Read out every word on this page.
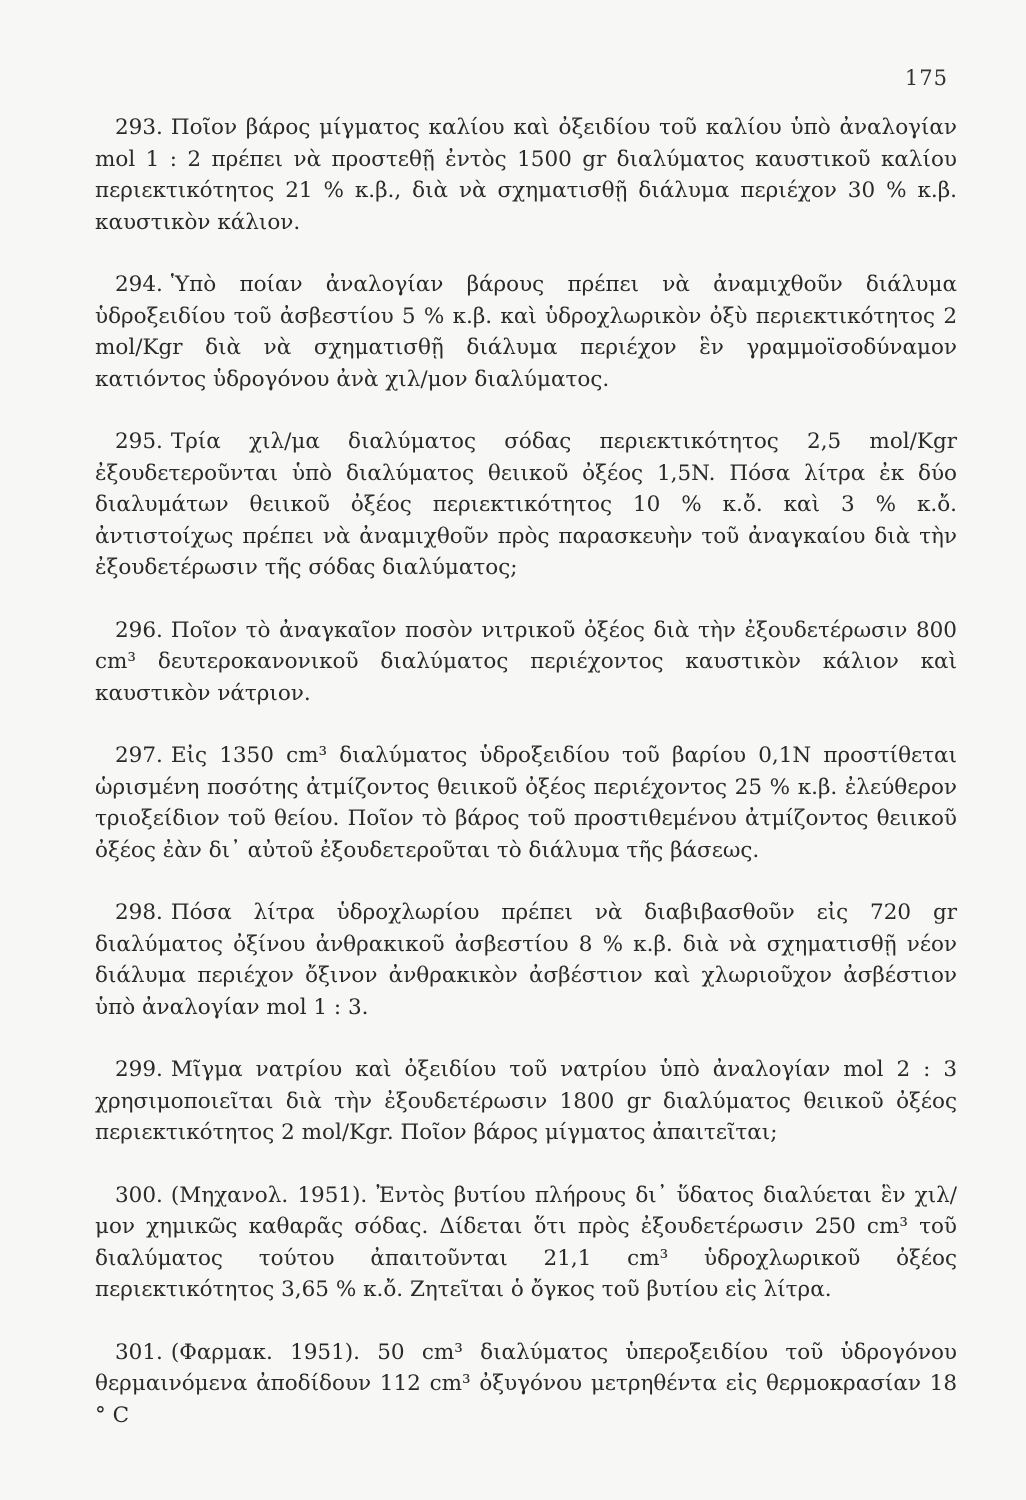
175

293. Ποῖον βάρος μίγματος καλίου καὶ ὀξειδίου τοῦ καλίου ὑπὸ ἀναλογίαν mol 1 : 2 πρέπει νὰ προστεθῇ ἐντὸς 1500 gr διαλύματος καυστικοῦ καλίου περιεκτικότητος 21 % κ.β., διὰ νὰ σχηματισθῇ διάλυμα περιέχον 30 % κ.β. καυστικὸν κάλιον.

294. Ὑπὸ ποίαν ἀναλογίαν βάρους πρέπει νὰ ἀναμιχθοῦν διάλυμα ὑδροξειδίου τοῦ ἀσβεστίου 5 % κ.β. καὶ ὑδροχλωρικὸν ὀξὺ περιεκτικότητος 2 mol/Kgr διὰ νὰ σχηματισθῇ διάλυμα περιέχον ἓν γραμμοϊσοδύναμον κατιόντος ὑδρογόνου ἀνὰ χιλ/μον διαλύματος.

295. Τρία χιλ/μα διαλύματος σόδας περιεκτικότητος 2,5 mol/Kgr ἐξουδετεροῦνται ὑπὸ διαλύματος θειικοῦ ὀξέος 1,5N. Πόσα λίτρα ἐκ δύο διαλυμάτων θειικοῦ ὀξέος περιεκτικότητος 10 % κ.ὄ. καὶ 3 % κ.ὄ. ἀντιστοίχως πρέπει νὰ ἀναμιχθοῦν πρὸς παρασκευὴν τοῦ ἀναγκαίου διὰ τὴν ἐξουδετέρωσιν τῆς σόδας διαλύματος;

296. Ποῖον τὸ ἀναγκαῖον ποσὸν νιτρικοῦ ὀξέος διὰ τὴν ἐξουδετέρωσιν 800 cm³ δευτεροκανονικοῦ διαλύματος περιέχοντος καυστικὸν κάλιον καὶ καυστικὸν νάτριον.

297. Εἰς 1350 cm³ διαλύματος ὑδροξειδίου τοῦ βαρίου 0,1N προστίθεται ὡρισμένη ποσότης ἀτμίζοντος θειικοῦ ὀξέος περιέχοντος 25 % κ.β. ἐλεύθερον τριοξείδιον τοῦ θείου. Ποῖον τὸ βάρος τοῦ προστιθεμένου ἀτμίζοντος θειικοῦ ὀξέος ἐὰν δι᾽ αὐτοῦ ἐξουδετεροῦται τὸ διάλυμα τῆς βάσεως.

298. Πόσα λίτρα ὑδροχλωρίου πρέπει νὰ διαβιβασθοῦν εἰς 720 gr διαλύματος ὀξίνου ἀνθρακικοῦ ἀσβεστίου 8 % κ.β. διὰ νὰ σχηματισθῇ νέον διάλυμα περιέχον ὄξινον ἀνθρακικὸν ἀσβέστιον καὶ χλωριοῦχον ἀσβέστιον ὑπὸ ἀναλογίαν mol 1 : 3.

299. Μῖγμα νατρίου καὶ ὀξειδίου τοῦ νατρίου ὑπὸ ἀναλογίαν mol 2 : 3 χρησιμοποιεῖται διὰ τὴν ἐξουδετέρωσιν 1800 gr διαλύματος θειικοῦ ὀξέος περιεκτικότητος 2 mol/Kgr. Ποῖον βάρος μίγματος ἀπαιτεῖται;

300. (Μηχανολ. 1951). Ἐντὸς βυτίου πλήρους δι᾽ ὕδατος διαλύεται ἓν χιλ/μον χημικῶς καθαρᾶς σόδας. Δίδεται ὅτι πρὸς ἐξουδετέρωσιν 250 cm³ τοῦ διαλύματος τούτου ἀπαιτοῦνται 21,1 cm³ ὑδροχλωρικοῦ ὀξέος περιεκτικότητος 3,65 % κ.ὄ. Ζητεῖται ὁ ὄγκος τοῦ βυτίου εἰς λίτρα.

301. (Φαρμακ. 1951). 50 cm³ διαλύματος ὑπεροξειδίου τοῦ ὑδρογόνου θερμαινόμενα ἀποδίδουν 112 cm³ ὀξυγόνου μετρηθέντα εἰς θερμοκρασίαν 18 ° C
